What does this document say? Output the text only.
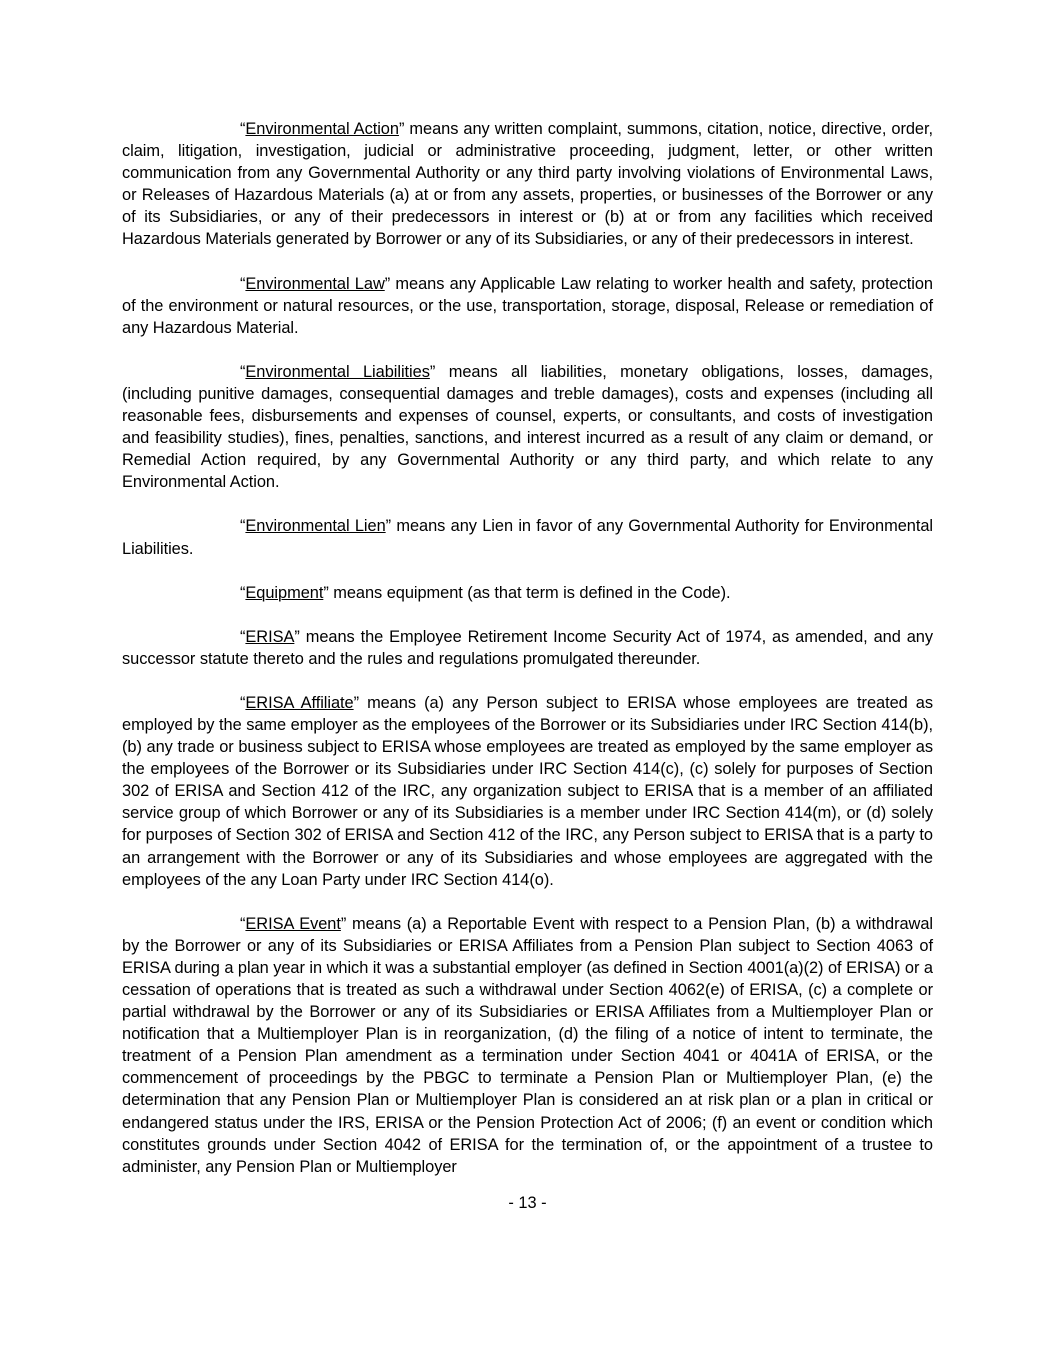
“ Environmental Action” means any written complaint, summons, citation, notice, directive, order, claim, litigation, investigation, judicial or administrative proceeding, judgment, letter, or other written communication from any Governmental Authority or any third party involving violations of Environmental Laws, or Releases of Hazardous Materials (a) at or from any assets, properties, or businesses of the Borrower or any of its Subsidiaries, or any of their predecessors in interest or (b) at or from any facilities which received Hazardous Materials generated by Borrower or any of its Subsidiaries, or any of their predecessors in interest.

“ Environmental Law” means any Applicable Law relating to worker health and safety, protection of the environment or natural resources, or the use, transportation, storage, disposal, Release or remediation of any Hazardous Material.

“ Environmental Liabilities” means all liabilities, monetary obligations, losses, damages, (including punitive damages, consequential damages and treble damages), costs and expenses (including all reasonable fees, disbursements and expenses of counsel, experts, or consultants, and costs of investigation and feasibility studies), fines, penalties, sanctions, and interest incurred as a result of any claim or demand, or Remedial Action required, by any Governmental Authority or any third party, and which relate to any Environmental Action.

“ Environmental Lien” means any Lien in favor of any Governmental Authority for Environmental Liabilities.

“ Equipment” means equipment (as that term is defined in the Code).

“ ERISA” means the Employee Retirement Income Security Act of 1974, as amended, and any successor statute thereto and the rules and regulations promulgated thereunder.

“ ERISA Affiliate” means (a) any Person subject to ERISA whose employees are treated as employed by the same employer as the employees of the Borrower or its Subsidiaries under IRC Section 414(b), (b) any trade or business subject to ERISA whose employees are treated as employed by the same employer as the employees of the Borrower or its Subsidiaries under IRC Section 414(c), (c) solely for purposes of Section 302 of ERISA and Section 412 of the IRC, any organization subject to ERISA that is a member of an affiliated service group of which Borrower or any of its Subsidiaries is a member under IRC Section 414(m), or (d) solely for purposes of Section 302 of ERISA and Section 412 of the IRC, any Person subject to ERISA that is a party to an arrangement with the Borrower or any of its Subsidiaries and whose employees are aggregated with the employees of the any Loan Party under IRC Section 414(o).

“ ERISA Event” means (a) a Reportable Event with respect to a Pension Plan, (b) a withdrawal by the Borrower or any of its Subsidiaries or ERISA Affiliates from a Pension Plan subject to Section 4063 of ERISA during a plan year in which it was a substantial employer (as defined in Section 4001(a)(2) of ERISA) or a cessation of operations that is treated as such a withdrawal under Section 4062(e) of ERISA, (c) a complete or partial withdrawal by the Borrower or any of its Subsidiaries or ERISA Affiliates from a Multiemployer Plan or notification that a Multiemployer Plan is in reorganization, (d) the filing of a notice of intent to terminate, the treatment of a Pension Plan amendment as a termination under Section 4041 or 4041A of ERISA, or the commencement of proceedings by the PBGC to terminate a Pension Plan or Multiemployer Plan, (e) the determination that any Pension Plan or Multiemployer Plan is considered an at risk plan or a plan in critical or endangered status under the IRS, ERISA or the Pension Protection Act of 2006; (f) an event or condition which constitutes grounds under Section 4042 of ERISA for the termination of, or the appointment of a trustee to administer, any Pension Plan or Multiemployer

- 13 -
